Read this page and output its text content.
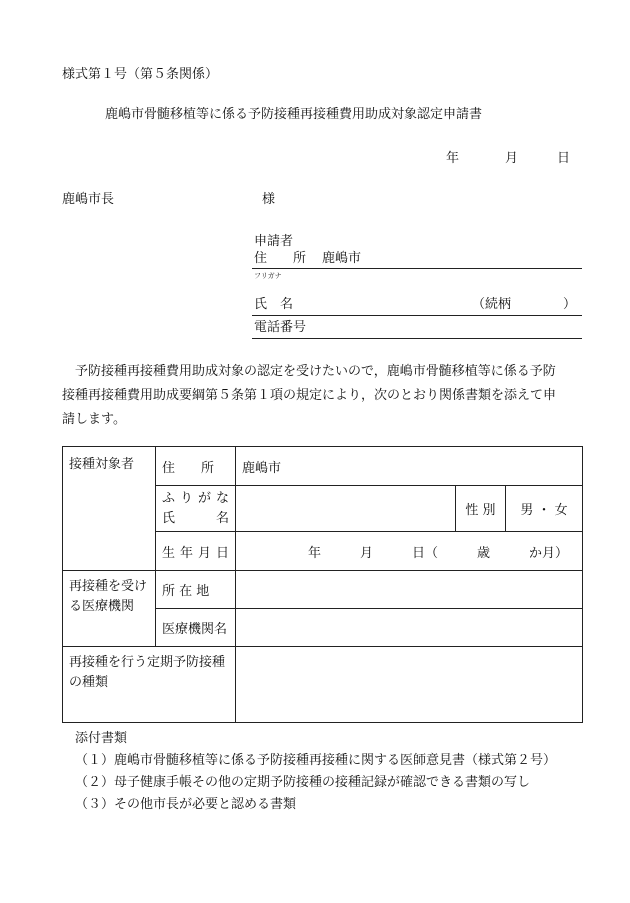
様式第１号（第５条関係）
鹿嶋市骨髄移植等に係る予防接種再接種費用助成対象認定申請書
年	月	日
鹿嶋市長	様
申請者
住　　所 鹿嶋市
フリガナ
氏　名	（続柄　　　　）
電話番号
　予防接種再接種費用助成対象の認定を受けたいので，鹿嶋市骨髄移植等に係る予防
接種再接種費用助成要綱第５条第１項の規定により，次のとおり関係書類を添えて申
請します。
接種対象者	住　　所	鹿嶋市		

	ふりがな
氏　　名		性 別	男 ・ 女
	生年月日	年　　　月　　　日（　　　歳　　　か月）		
再接種を受ける医療機関	所 在 地			
	医療機関名			
再接種を行う定期予防接種の種類				
添付書類
（１）鹿嶋市骨髄移植等に係る予防接種再接種に関する医師意見書（様式第２号）
（２）母子健康手帳その他の定期予防接種の接種記録が確認できる書類の写し
（３）その他市長が必要と認める書類
